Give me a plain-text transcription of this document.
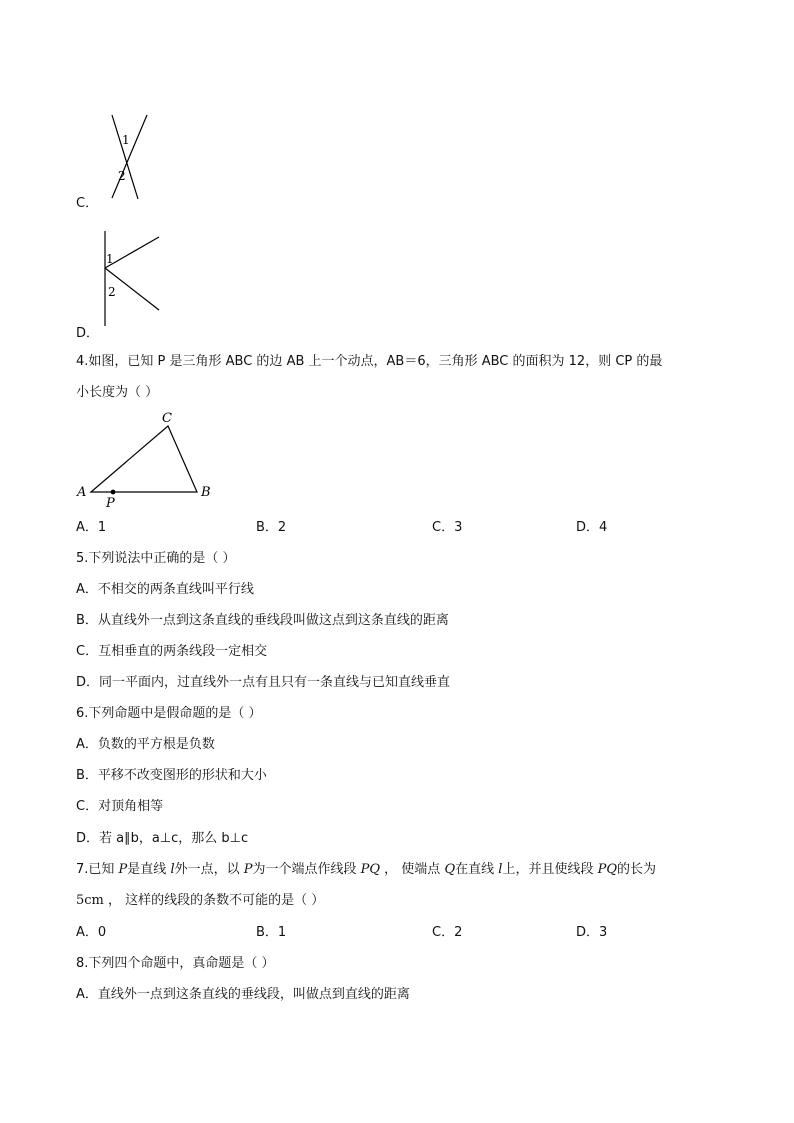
1
2
C．
1
2
D．
4.如图，已知 P 是三角形 ABC 的边 AB 上一个动点，AB＝6，三角形 ABC 的面积为 12，则 CP 的最
小长度为（ ）
A	B
C
P
A．1	B．2	C．3	D．4
5.下列说法中正确的是（ ）
A．不相交的两条直线叫平行线
B．从直线外一点到这条直线的垂线段叫做这点到这条直线的距离
C．互相垂直的两条线段一定相交
D．同一平面内，过直线外一点有且只有一条直线与已知直线垂直
6.下列命题中是假命题的是（ ）
A．负数的平方根是负数
B．平移不改变图形的形状和大小
C．对顶角相等
D．若 a∥b，a⊥c，那么 b⊥c
7.已知 P是直线 l外一点，以 P为一个端点作线段 PQ ， 使端点 Q在直线 l上，并且使线段 PQ的长为
5cm ， 这样的线段的条数不可能的是（ ）
A．0	B．1	C．2	D．3
8.下列四个命题中，真命题是（ ）
A．直线外一点到这条直线的垂线段，叫做点到直线的距离
